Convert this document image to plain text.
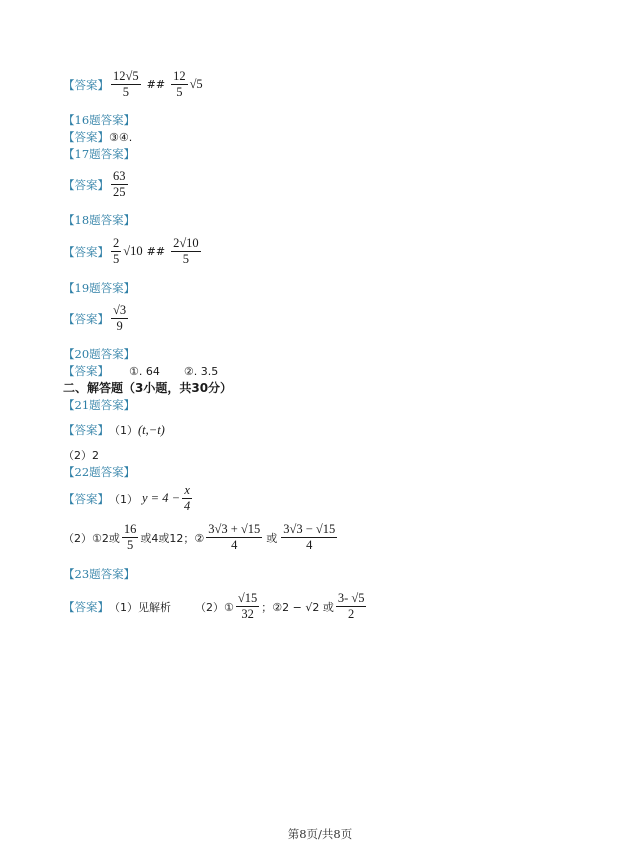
【答案】 $\frac{12√5}{5}$ ## $\frac{12}{5} √5$
【16题答案】
【答案】 ③④.
【17题答案】
【答案】 $\frac{63}{25}$
【18题答案】
【答案】 $\frac{2}{5} √10$ ## $\frac{2√10}{5}$
【19题答案】
【答案】 $\frac{√3}{9}$
【20题答案】
【答案】 ①. 64 ②. 3.5
二、解答题（3小题，共30分）
【21题答案】
【答案】 （1） (t,−t)
（2）2
【22题答案】
【答案】 （1） $y = 4 - \frac{x}{4}$
（2）①2或 $\frac{16}{5}$ 或4或12；② $\frac{3√3 + √15}{4}$ 或 $\frac{3√3 - √15}{4}$
【23题答案】
【答案】 （1）见解析 （2）① $\frac{√15}{32}$ ；②2 − √2 或 $\frac{3- √5}{2}$
第8页/共8页
